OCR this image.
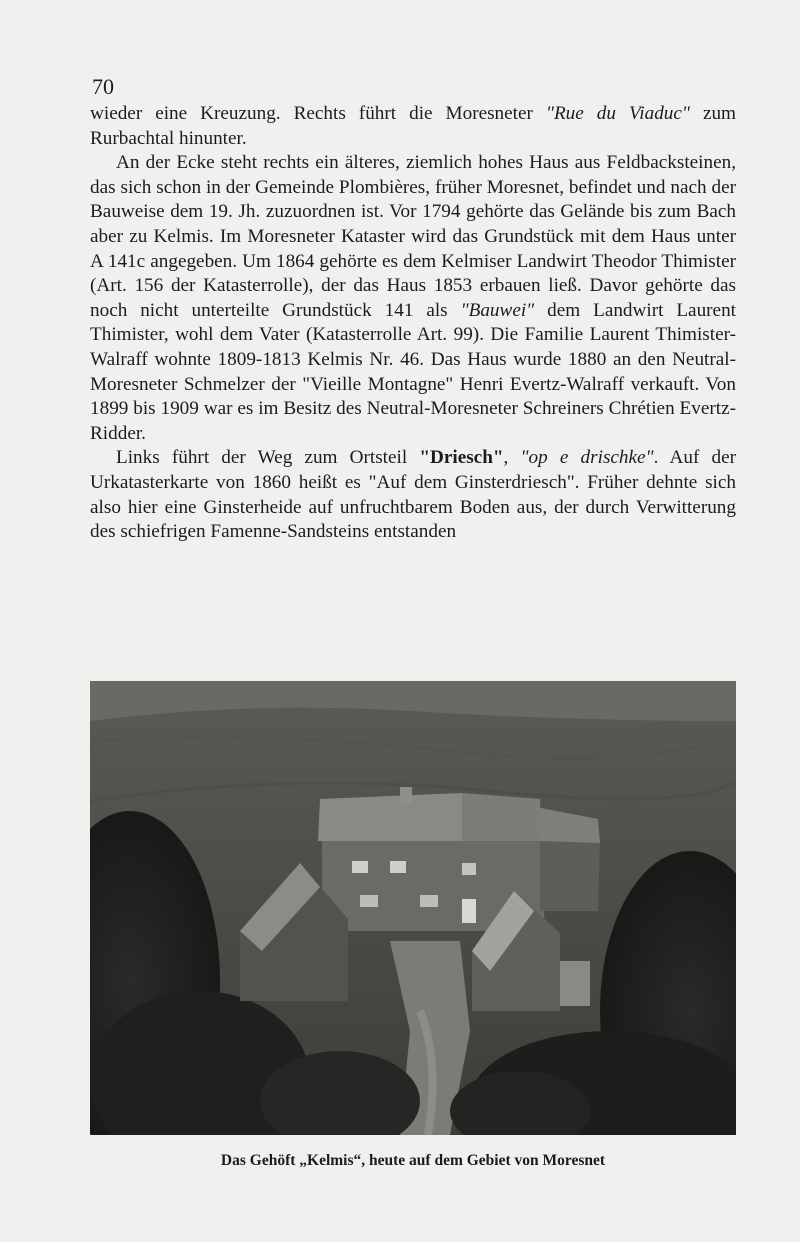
70

wieder eine Kreuzung. Rechts führt die Moresneter "Rue du Viaduc" zum Rurbachtal hinunter.

An der Ecke steht rechts ein älteres, ziemlich hohes Haus aus Feldbacksteinen, das sich schon in der Gemeinde Plombières, früher Moresnet, befindet und nach der Bauweise dem 19. Jh. zuzuordnen ist. Vor 1794 gehörte das Gelände bis zum Bach aber zu Kelmis. Im Moresneter Kataster wird das Grundstück mit dem Haus unter A 141c angegeben. Um 1864 gehörte es dem Kelmiser Landwirt Theodor Thimister (Art. 156 der Katasterrolle), der das Haus 1853 erbauen ließ. Davor gehörte das noch nicht unterteilte Grundstück 141 als "Bauwei" dem Landwirt Laurent Thimister, wohl dem Vater (Katasterrolle Art. 99). Die Familie Laurent Thimister-Walraff wohnte 1809-1813 Kelmis Nr. 46. Das Haus wurde 1880 an den Neutral-Moresneter Schmelzer der "Vieille Montagne" Henri Evertz-Walraff verkauft. Von 1899 bis 1909 war es im Besitz des Neutral-Moresneter Schreiners Chrétien Evertz-Ridder.

Links führt der Weg zum Ortsteil "Driesch", "op e drischke". Auf der Urkatasterkarte von 1860 heißt es "Auf dem Ginsterdriesch". Früher dehnte sich also hier eine Ginsterheide auf unfruchtbarem Boden aus, der durch Verwitterung des schiefrigen Famenne-Sandsteins entstanden

Das Gehöft „Kelmis“, heute auf dem Gebiet von Moresnet
